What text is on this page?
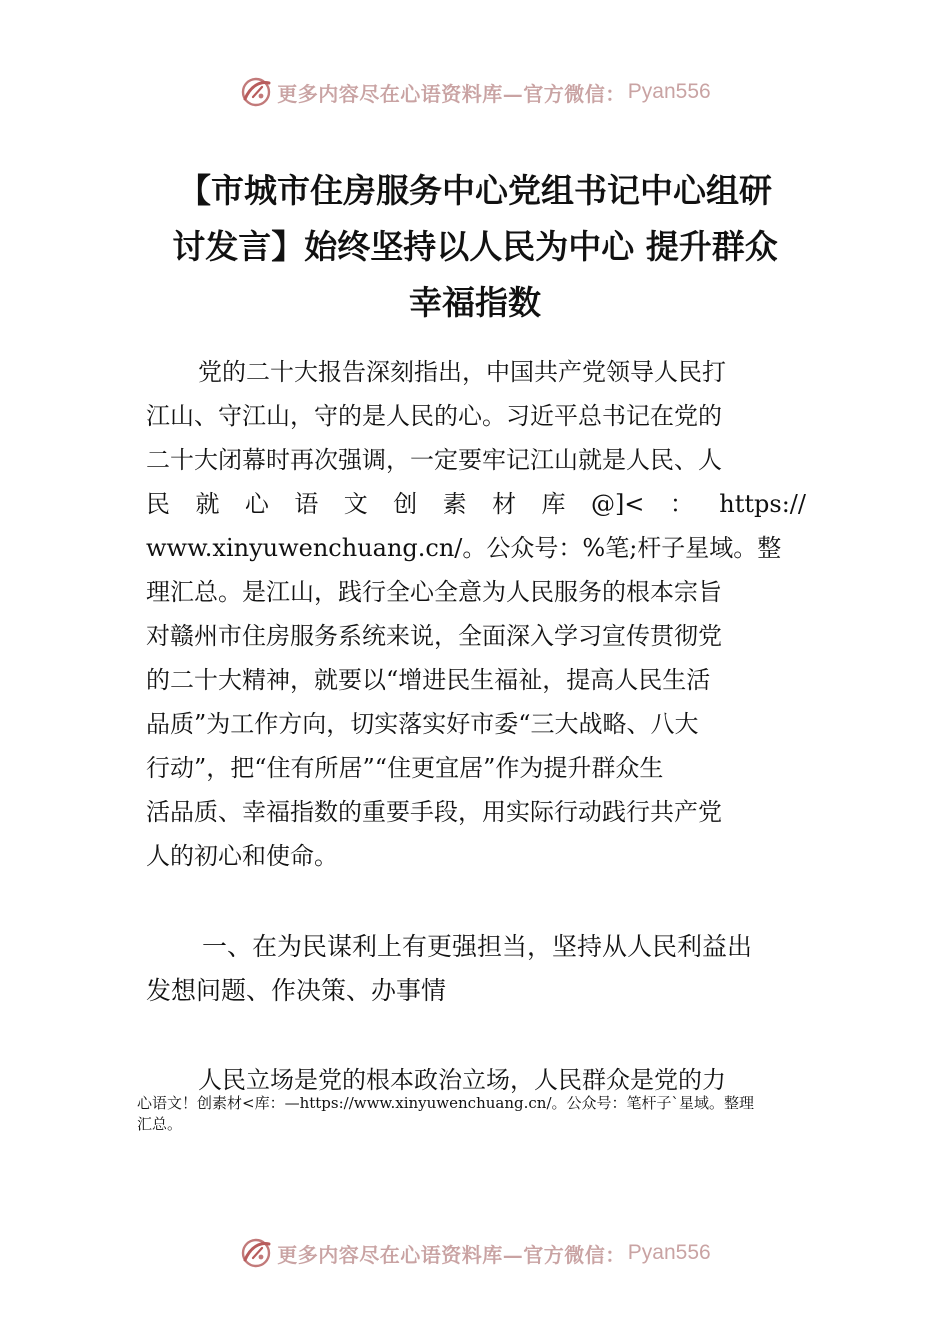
更多内容尽在心语资料库—官方微信： Pyan556
【市城市住房服务中心党组书记中心组研
讨发言】始终坚持以人民为中心 提升群众
幸福指数
党的二十大报告深刻指出，中国共产党领导人民打
江山、守江山，守的是人民的心。习近平总书记在党的
二十大闭幕时再次强调，一定要牢记江山就是人民、人
民 就 心 语 文 创 素 材 库 @]< ： https://
www.xinyuwenchuang.cn/。公众号：%笔;杆子星域。整
理汇总。是江山，践行全心全意为人民服务的根本宗旨
对赣州市住房服务系统来说，全面深入学习宣传贯彻党
的二十大精神，就要以“增进民生福祉，提高人民生活
品质”为工作方向，切实落实好市委“三大战略、八大
行动”，把“住有所居”“住更宜居”作为提升群众生
活品质、幸福指数的重要手段，用实际行动践行共产党
人的初心和使命。
一、在为民谋利上有更强担当，坚持从人民利益出
发想问题、作决策、办事情
人民立场是党的根本政治立场，人民群众是党的力
心语文！创素材<库：—https://www.xinyuwenchuang.cn/。公众号：笔杆子`星域。整理
汇总。
更多内容尽在心语资料库—官方微信： Pyan556
